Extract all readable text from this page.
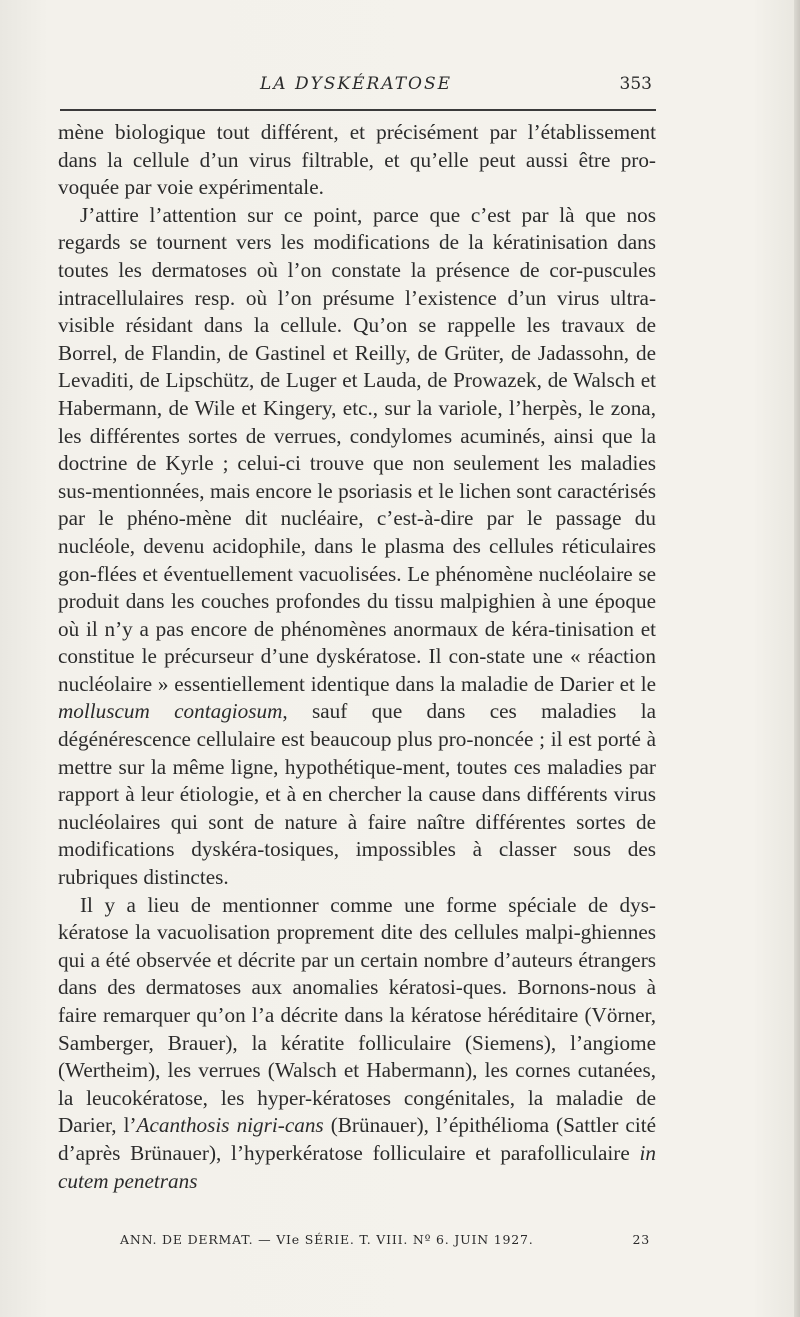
LA DYSKÉRATOSE	353

mène biologique tout différent, et précisément par l’établissement dans la cellule d’un virus filtrable, et qu’elle peut aussi être pro-voquée par voie expérimentale.

J’attire l’attention sur ce point, parce que c’est par là que nos regards se tournent vers les modifications de la kératinisation dans toutes les dermatoses où l’on constate la présence de cor-puscules intracellulaires resp. où l’on présume l’existence d’un virus ultra-visible résidant dans la cellule. Qu’on se rappelle les travaux de Borrel, de Flandin, de Gastinel et Reilly, de Grüter, de Jadassohn, de Levaditi, de Lipschütz, de Luger et Lauda, de Prowazek, de Walsch et Habermann, de Wile et Kingery, etc., sur la variole, l’herpès, le zona, les différentes sortes de verrues, condylomes acuminés, ainsi que la doctrine de Kyrle ; celui-ci trouve que non seulement les maladies sus-mentionnées, mais encore le psoriasis et le lichen sont caractérisés par le phéno-mène dit nucléaire, c’est-à-dire par le passage du nucléole, devenu acidophile, dans le plasma des cellules réticulaires gon-flées et éventuellement vacuolisées. Le phénomène nucléolaire se produit dans les couches profondes du tissu malpighien à une époque où il n’y a pas encore de phénomènes anormaux de kéra-tinisation et constitue le précurseur d’une dyskératose. Il con-state une « réaction nucléolaire » essentiellement identique dans la maladie de Darier et le molluscum contagiosum, sauf que dans ces maladies la dégénérescence cellulaire est beaucoup plus pro-noncée ; il est porté à mettre sur la même ligne, hypothétique-ment, toutes ces maladies par rapport à leur étiologie, et à en chercher la cause dans différents virus nucléolaires qui sont de nature à faire naître différentes sortes de modifications dyskéra-tosiques, impossibles à classer sous des rubriques distinctes.

Il y a lieu de mentionner comme une forme spéciale de dys-kératose la vacuolisation proprement dite des cellules malpi-ghiennes qui a été observée et décrite par un certain nombre d’auteurs étrangers dans des dermatoses aux anomalies kératosi-ques. Bornons-nous à faire remarquer qu’on l’a décrite dans la kératose héréditaire (Vörner, Samberger, Brauer), la kératite folliculaire (Siemens), l’angiome (Wertheim), les verrues (Walsch et Habermann), les cornes cutanées, la leucokératose, les hyper-kératoses congénitales, la maladie de Darier, l’Acanthosis nigri-cans (Brünauer), l’épithélioma (Sattler cité d’après Brünauer), l’hyperkératose folliculaire et parafolliculaire in cutem penetrans

ANN. DE DERMAT. — VIe SÉRIE. T. VIII. Nº 6. JUIN 1927.	23
